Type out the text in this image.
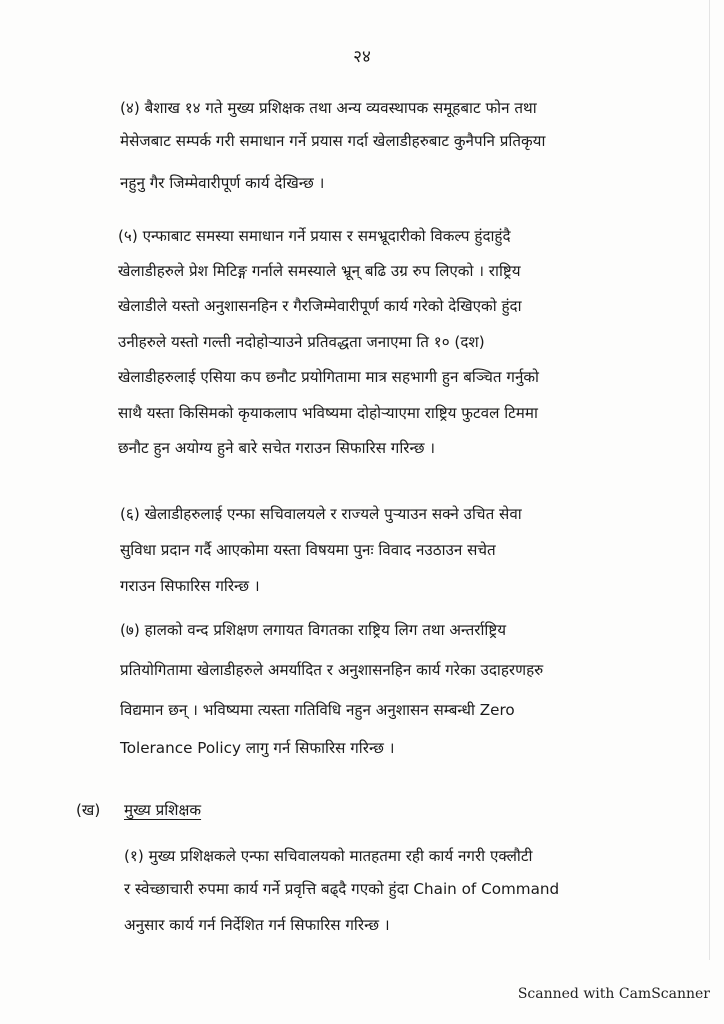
२४
(४) बैशाख १४ गते मुख्य प्रशिक्षक तथा अन्य व्यवस्थापक समूहबाट फोन तथा
मेसेजबाट सम्पर्क गरी समाधान गर्ने प्रयास गर्दा खेलाडीहरुबाट कुनैपनि प्रतिकृया
नहुनु गैर जिम्मेवारीपूर्ण कार्य देखिन्छ ।
(५) एन्फाबाट समस्या समाधान गर्ने प्रयास र समभ्रूदारीको विकल्प हुंदाहुंदै
खेलाडीहरुले प्रेश मिटिङ्ग गर्नाले समस्याले भ्रून् बढि उग्र रुप लिएको । राष्ट्रिय
खेलाडीले यस्तो अनुशासनहिन र गैरजिम्मेवारीपूर्ण कार्य गरेको देखिएको हुंदा
उनीहरुले यस्तो गल्ती नदोहोऱ्याउने प्रतिवद्धता जनाएमा ति १० (दश)
खेलाडीहरुलाई एसिया कप छनौट प्रयोगितामा मात्र सहभागी हुन बञ्चित गर्नुको
साथै यस्ता किसिमको कृयाकलाप भविष्यमा दोहोऱ्याएमा राष्ट्रिय फुटवल टिममा
छनौट हुन अयोग्य हुने बारे सचेत गराउन सिफारिस गरिन्छ ।
(६) खेलाडीहरुलाई एन्फा सचिवालयले र राज्यले पुऱ्याउन सक्ने उचित सेवा
सुविधा प्रदान गर्दै आएकोमा यस्ता विषयमा पुनः विवाद नउठाउन सचेत
गराउन सिफारिस गरिन्छ ।
(७) हालको वन्द प्रशिक्षण लगायत विगतका राष्ट्रिय लिग तथा अन्तर्राष्ट्रिय
प्रतियोगितामा खेलाडीहरुले अमर्यादित र अनुशासनहिन कार्य गरेका उदाहरणहरु
विद्यमान छन् । भविष्यमा त्यस्ता गतिविधि नहुन अनुशासन सम्बन्धी Zero
Tolerance Policy लागु गर्न सिफारिस गरिन्छ ।
(ख) मुख्य प्रशिक्षक
(१) मुख्य प्रशिक्षकले एन्फा सचिवालयको मातहतमा रही कार्य नगरी एक्लौटी
र स्वेच्छाचारी रुपमा कार्य गर्ने प्रवृत्ति बढ्दै गएको हुंदा Chain of Command
अनुसार कार्य गर्न निर्देशित गर्न सिफारिस गरिन्छ ।
Scanned with CamScanner
